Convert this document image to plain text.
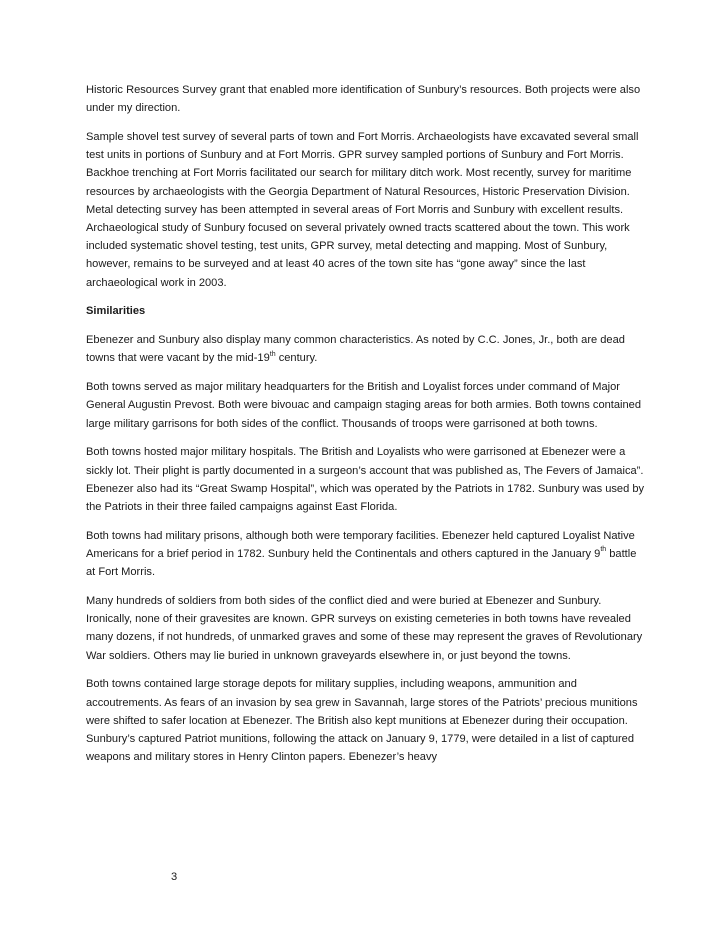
Historic Resources Survey grant that enabled more identification of Sunbury’s resources. Both projects were also under my direction.

Sample shovel test survey of several parts of town and Fort Morris. Archaeologists have excavated several small test units in portions of Sunbury and at Fort Morris. GPR survey sampled portions of Sunbury and Fort Morris. Backhoe trenching at Fort Morris facilitated our search for military ditch work. Most recently, survey for maritime resources by archaeologists with the Georgia Department of Natural Resources, Historic Preservation Division. Metal detecting survey has been attempted in several areas of Fort Morris and Sunbury with excellent results. Archaeological study of Sunbury focused on several privately owned tracts scattered about the town. This work included systematic shovel testing, test units, GPR survey, metal detecting and mapping. Most of Sunbury, however, remains to be surveyed and at least 40 acres of the town site has “gone away” since the last archaeological work in 2003.

Similarities

Ebenezer and Sunbury also display many common characteristics. As noted by C.C. Jones, Jr., both are dead towns that were vacant by the mid-19th century.

Both towns served as major military headquarters for the British and Loyalist forces under command of Major General Augustin Prevost. Both were bivouac and campaign staging areas for both armies. Both towns contained large military garrisons for both sides of the conflict. Thousands of troops were garrisoned at both towns.

Both towns hosted major military hospitals. The British and Loyalists who were garrisoned at Ebenezer were a sickly lot. Their plight is partly documented in a surgeon’s account that was published as, The Fevers of Jamaica”. Ebenezer also had its “Great Swamp Hospital”, which was operated by the Patriots in 1782. Sunbury was used by the Patriots in their three failed campaigns against East Florida.

Both towns had military prisons, although both were temporary facilities. Ebenezer held captured Loyalist Native Americans for a brief period in 1782. Sunbury held the Continentals and others captured in the January 9th battle at Fort Morris.

Many hundreds of soldiers from both sides of the conflict died and were buried at Ebenezer and Sunbury. Ironically, none of their gravesites are known. GPR surveys on existing cemeteries in both towns have revealed many dozens, if not hundreds, of unmarked graves and some of these may represent the graves of Revolutionary War soldiers. Others may lie buried in unknown graveyards elsewhere in, or just beyond the towns.

Both towns contained large storage depots for military supplies, including weapons, ammunition and accoutrements. As fears of an invasion by sea grew in Savannah, large stores of the Patriots’ precious munitions were shifted to safer location at Ebenezer. The British also kept munitions at Ebenezer during their occupation. Sunbury’s captured Patriot munitions, following the attack on January 9, 1779, were detailed in a list of captured weapons and military stores in Henry Clinton papers. Ebenezer’s heavy

3
